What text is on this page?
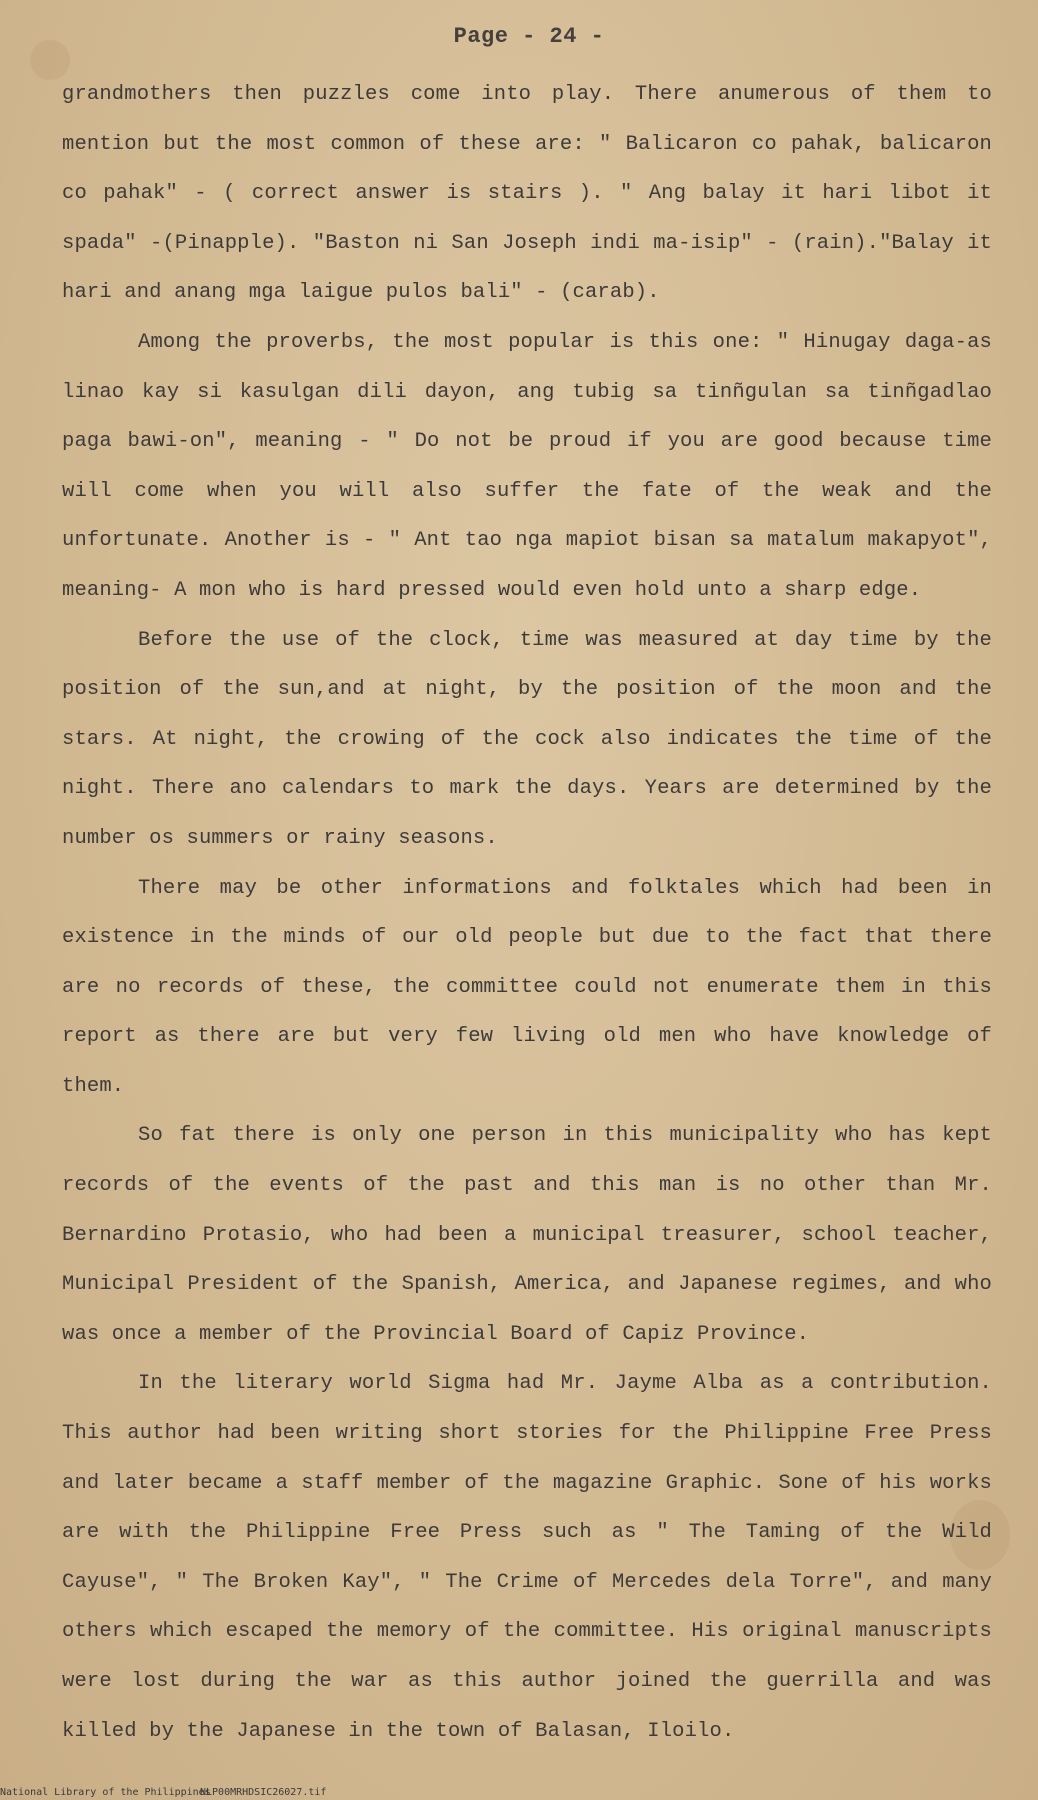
Page - 24 -

grandmothers then puzzles come into play. There anumerous of them to mention but the most common of these are: " Balicaron co pahak, balicaron co pahak" - ( correct answer is stairs ). " Ang balay it hari libot it spada" -(Pinapple). "Baston ni San Joseph indi ma-isip" - (rain)."Balay it hari and anang mga laigue pulos bali" - (carab).

Among the proverbs, the most popular is this one: " Hinugay daga-as linao kay si kasulgan dili dayon, ang tubig sa tinñgulan sa tinñgadlao paga bawi-on", meaning - " Do not be proud if you are good because time will come when you will also suffer the fate of the weak and the unfortunate. Another is - " Ant tao nga mapiot bisan sa matalum makapyot", meaning- A mon who is hard pressed would even hold unto a sharp edge.

Before the use of the clock, time was measured at day time by the position of the sun,and at night, by the position of the moon and the stars. At night, the crowing of the cock also indicates the time of the night. There ano calendars to mark the days. Years are determined by the number os summers or rainy seasons.

There may be other informations and folktales which had been in existence in the minds of our old people but due to the fact that there are no records of these, the committee could not enumerate them in this report as there are but very few living old men who have knowledge of them.

So fat there is only one person in this municipality who has kept records of the events of the past and this man is no other than Mr. Bernardino Protasio, who had been a municipal treasurer, school teacher, Municipal President of the Spanish, America, and Japanese regimes, and who was once a member of the Provincial Board of Capiz Province.

In the literary world Sigma had Mr. Jayme Alba as a contribution. This author had been writing short stories for the Philippine Free Press and later became a staff member of the magazine Graphic. Sone of his works are with the Philippine Free Press such as " The Taming of the Wild Cayuse", " The Broken Kay", " The Crime of Mercedes dela Torre", and many others which escaped the memory of the committee. His original manuscripts were lost during the war as this author joined the guerrilla and was killed by the Japanese in the town of Balasan, Iloilo.

National Library of the Philippines
NLP00MRHDSIC26027.tif
